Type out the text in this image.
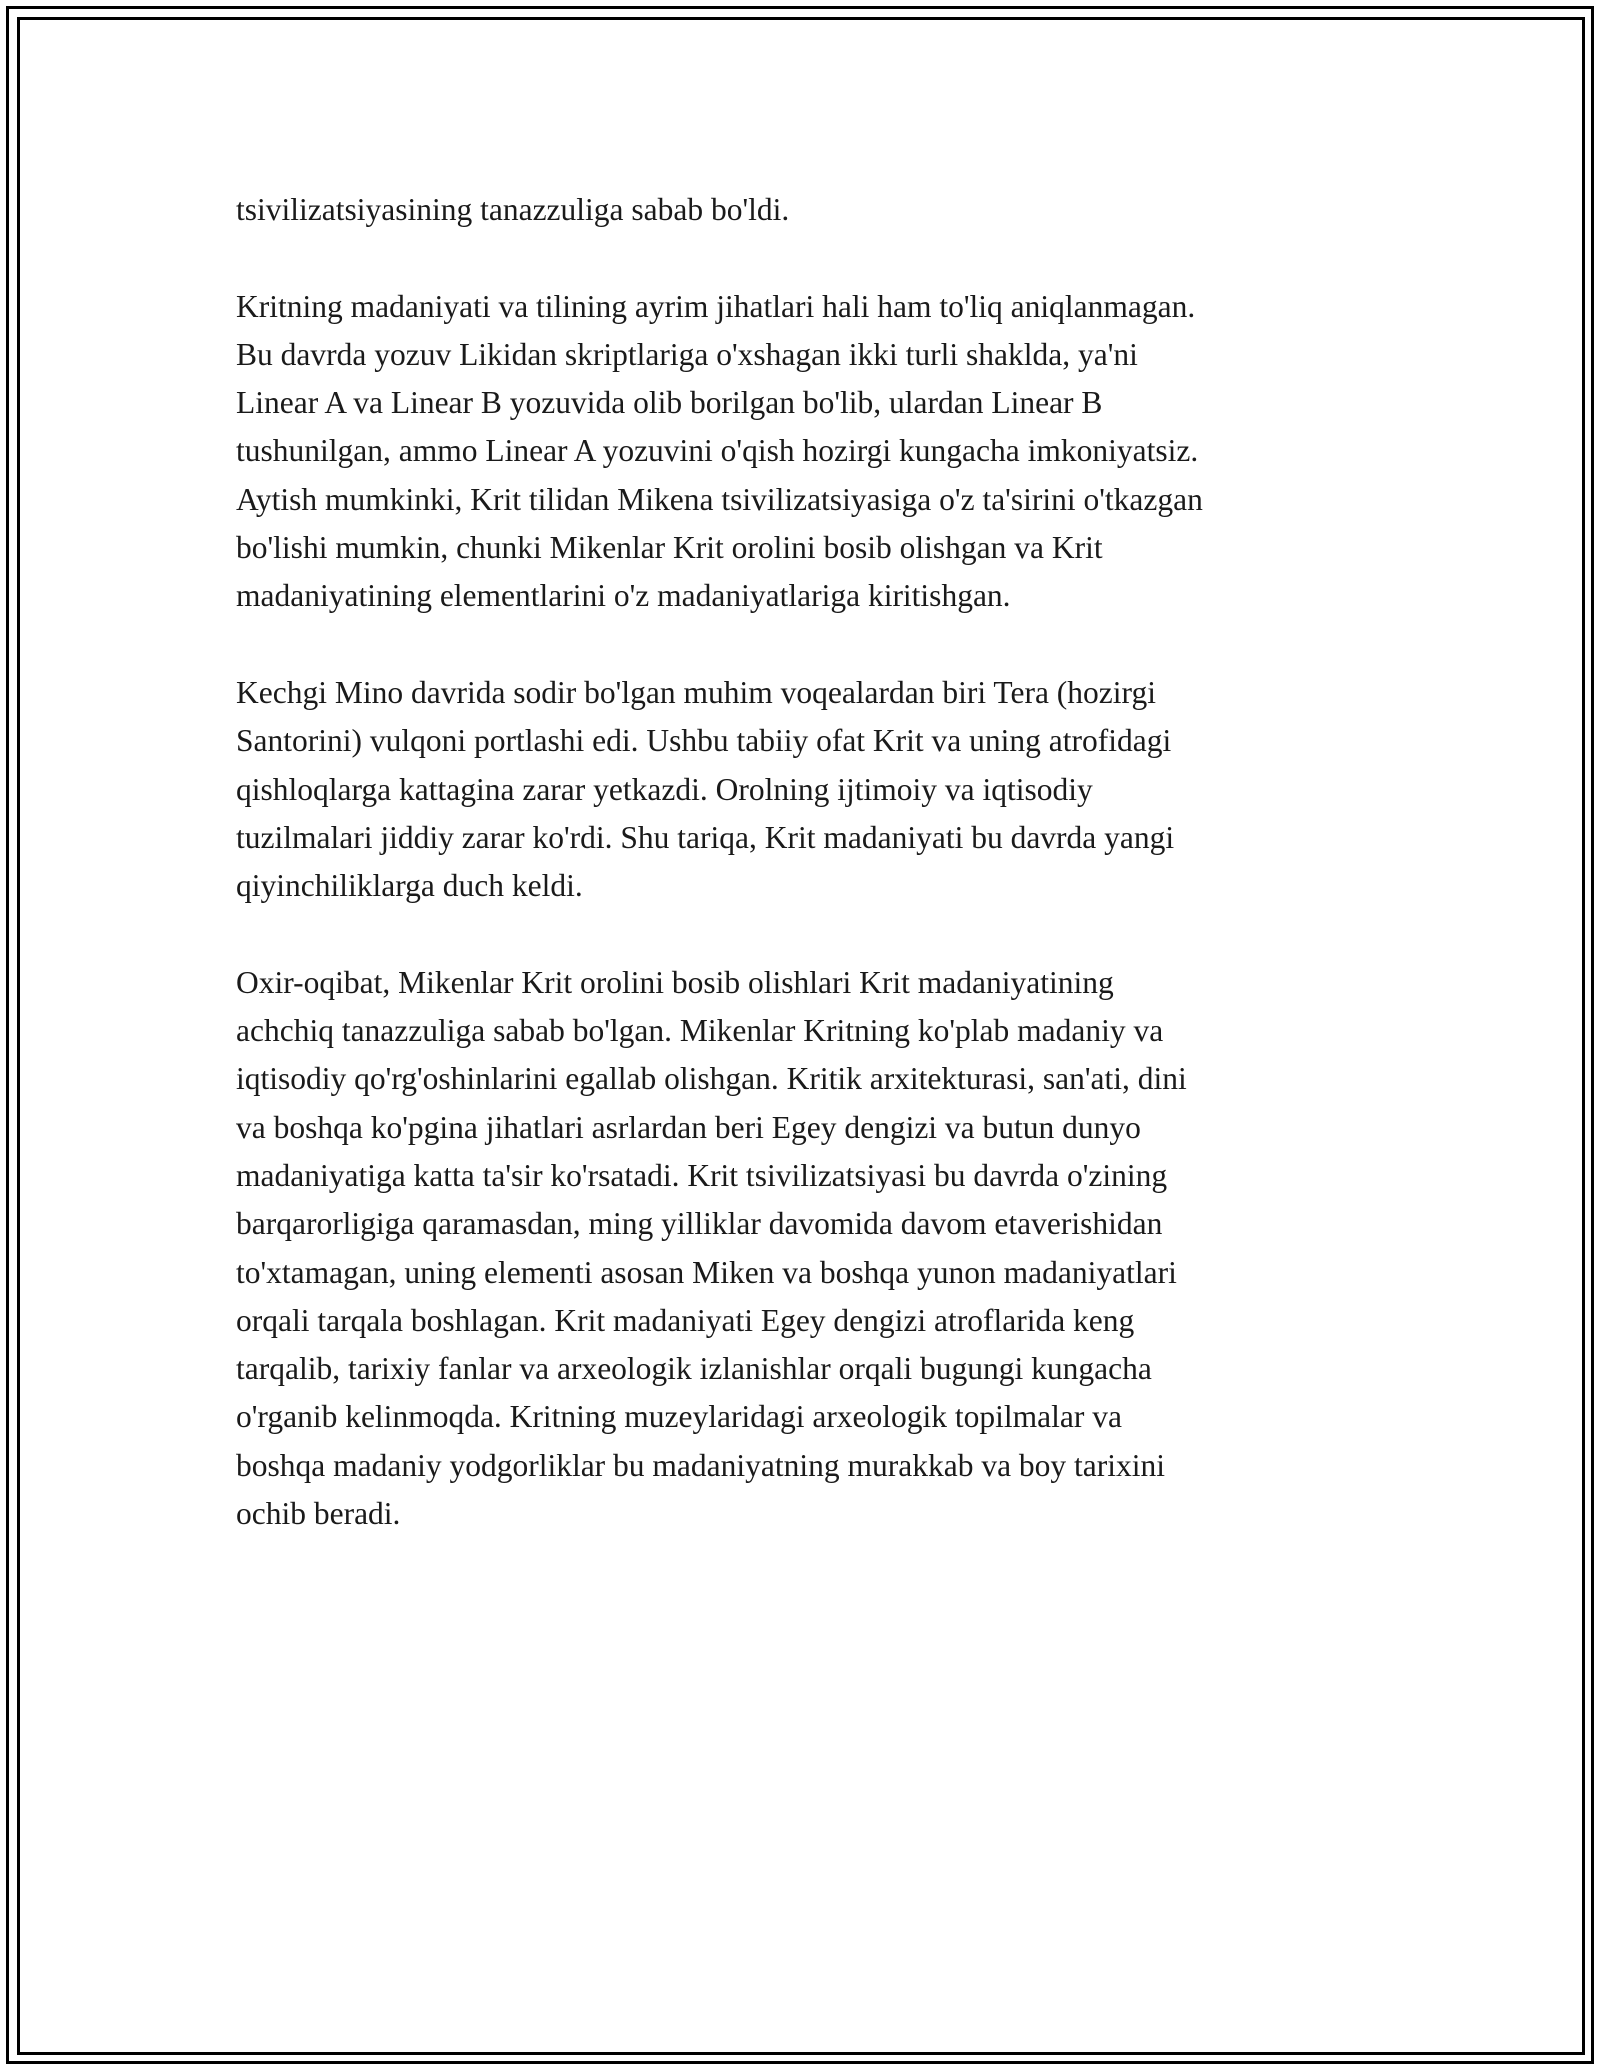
tsivilizatsiyasining tanazzuliga sabab bo'ldi.

Kritning madaniyati va tilining ayrim jihatlari hali ham to'liq aniqlanmagan.
Bu davrda yozuv Likidan skriptlariga o'xshagan ikki turli shaklda, ya'ni
Linear A va Linear B yozuvida olib borilgan bo'lib, ulardan Linear B
tushunilgan, ammo Linear A yozuvini o'qish hozirgi kungacha imkoniyatsiz.
Aytish mumkinki, Krit tilidan Mikena tsivilizatsiyasiga o'z ta'sirini o'tkazgan
bo'lishi mumkin, chunki Mikenlar Krit orolini bosib olishgan va Krit
madaniyatining elementlarini o'z madaniyatlariga kiritishgan.

Kechgi Mino davrida sodir bo'lgan muhim voqealardan biri Tera (hozirgi
Santorini) vulqoni portlashi edi. Ushbu tabiiy ofat Krit va uning atrofidagi
qishloqlarga kattagina zarar yetkazdi. Orolning ijtimoiy va iqtisodiy
tuzilmalari jiddiy zarar ko'rdi. Shu tariqa, Krit madaniyati bu davrda yangi
qiyinchiliklarga duch keldi.

Oxir-oqibat, Mikenlar Krit orolini bosib olishlari Krit madaniyatining
achchiq tanazzuliga sabab bo'lgan. Mikenlar Kritning ko'plab madaniy va
iqtisodiy qo'rg'oshinlarini egallab olishgan. Kritik arxitekturasi, san'ati, dini
va boshqa ko'pgina jihatlari asrlardan beri Egey dengizi va butun dunyo
madaniyatiga katta ta'sir ko'rsatadi. Krit tsivilizatsiyasi bu davrda o'zining
barqarorligiga qaramasdan, ming yilliklar davomida davom etaverishidan
to'xtamagan, uning elementi asosan Miken va boshqa yunon madaniyatlari
orqali tarqala boshlagan. Krit madaniyati Egey dengizi atroflarida keng
tarqalib, tarixiy fanlar va arxeologik izlanishlar orqali bugungi kungacha
o'rganib kelinmoqda. Kritning muzeylaridagi arxeologik topilmalar va
boshqa madaniy yodgorliklar bu madaniyatning murakkab va boy tarixini
ochib beradi.
